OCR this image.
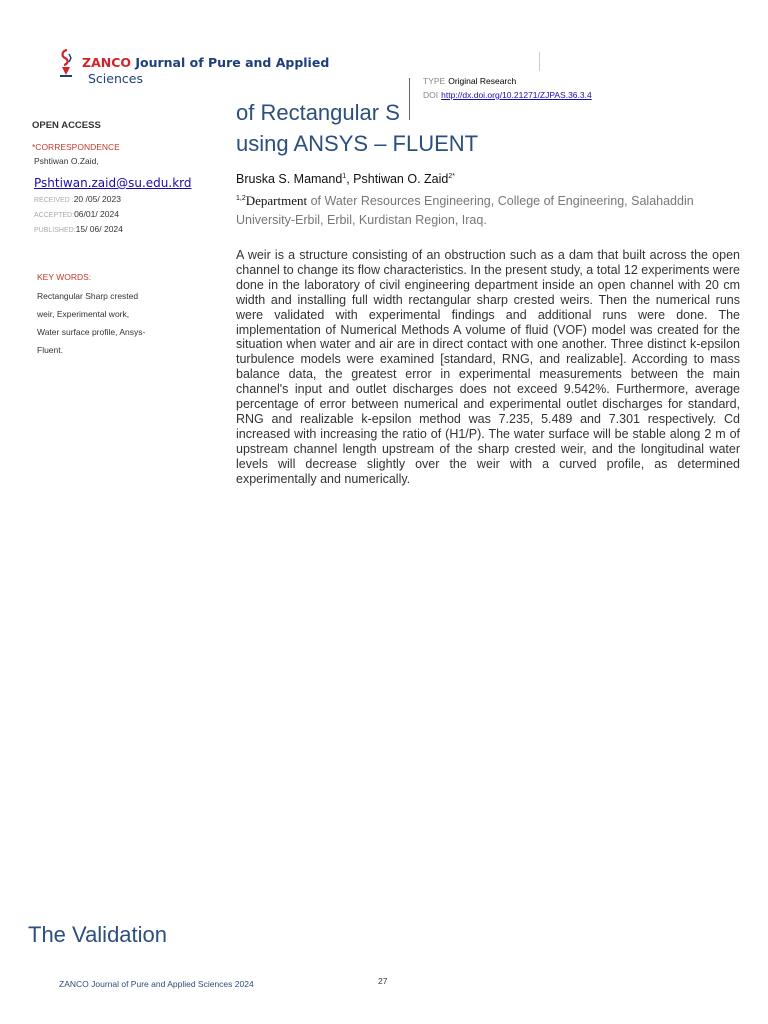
ZANCO Journal of Pure and Applied
Sciences	TYPE Original Research
DOI http://dx.doi.org/10.21271/ZJPAS.36.3.4
of Rectangular S
using ANSYS – FLUENT
Bruska S. Mamand$^1$, Pshtiwan O. Zaid$^{2*}$
$^{1,2}$Department of Water Resources Engineering, College of Engineering, Salahaddin University-Erbil, Erbil, Kurdistan Region, Iraq.
OPEN ACCESS
*CORRESPONDENCE
Pshtiwan O.Zaid,
Pshtiwan.zaid@su.edu.krd
RECEIVED :20 /05/ 2023
ACCEPTED:06/01/ 2024
PUBLISHED:15/ 06/ 2024
KEY WORDS:
Rectangular Sharp crested
weir, Experimental work,
Water surface profile, Ansys-
Fluent.

A weir is a structure consisting of an obstruction such as a dam that built across the open channel to change its flow characteristics. In the present study, a total 12 experiments were done in the laboratory of civil engineering department inside an open channel with 20 cm width and installing full width rectangular sharp crested weirs. Then the numerical runs were validated with experimental findings and additional runs were done. The implementation of Numerical Methods A volume of fluid (VOF) model was created for the situation when water and air are in direct contact with one another. Three distinct k-epsilon turbulence models were examined [standard, RNG, and realizable]. According to mass balance data, the greatest error in experimental measurements between the main channel's input and outlet discharges does not exceed 9.542%. Furthermore, average percentage of error between numerical and experimental outlet discharges for standard, RNG and realizable k-epsilon method was 7.235, 5.489 and 7.301 respectively. Cd increased with increasing the ratio of (H1/P). The water surface will be stable along 2 m of upstream channel length upstream of the sharp crested weir, and the longitudinal water levels will decrease slightly over the weir with a curved profile, as determined experimentally and numerically.

The Validation
ZANCO Journal of Pure and Applied Sciences 2024	27
